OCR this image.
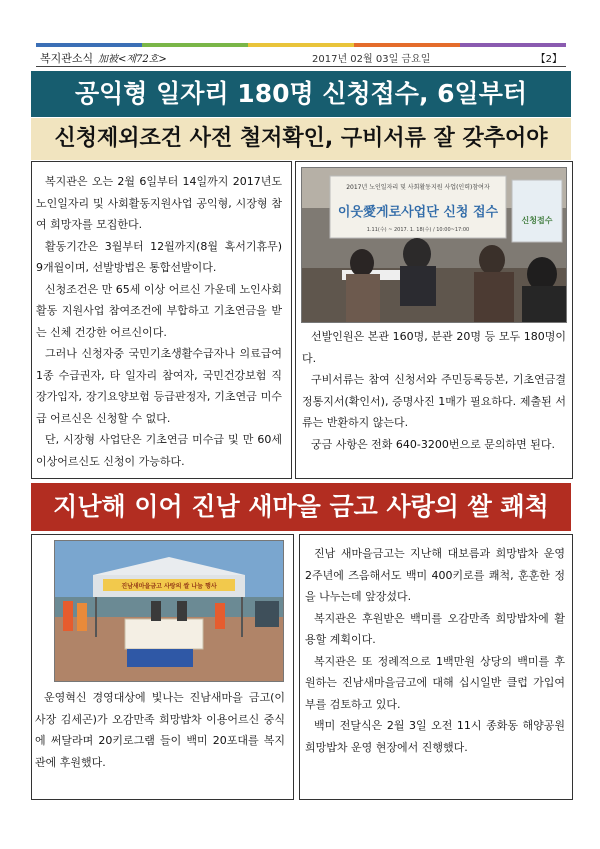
복지관소식 加被<제72호>	2017년 02월 03일 금요일	【2】
공익형 일자리 180명 신청접수, 6일부터
신청제외조건 사전 철저확인, 구비서류 잘 갖추어야

복지관은 오는 2월 6일부터 14일까지 2017년도 노인일자리 및 사회활동지원사업 공익형, 시장형 참여 희망자를 모집한다.

활동기간은 3월부터 12월까지(8월 혹서기휴무) 9개월이며, 선발방법은 통합선발이다.

신청조건은 만 65세 이상 어르신 가운데 노인사회활동 지원사업 참여조건에 부합하고 기초연금을 받는 신체 건강한 어르신이다.

그러나 신청자중 국민기초생활수급자나 의료급여 1종 수급권자, 타 일자리 참여자, 국민건강보험 직장가입자, 장기요양보험 등급판정자, 기초연금 미수급 어르신은 신청할 수 없다.

단, 시장형 사업단은 기초연금 미수급 및 만 60세 이상어르신도 신청이 가능하다.

2017년 노인일자리 및 사회활동지원 사업(인력)참여자
이웃愛게로사업단 신청 접수
1.11(수) ~ 2017. 1. 18(수) / 10:00~17:00
신청접수

선발인원은 본관 160명, 분관 20명 등 모두 180명이다.

구비서류는 참여 신청서와 주민등록등본, 기초연금결정통지서(확인서), 증명사진 1매가 필요하다. 제출된 서류는 반환하지 않는다.

궁금 사항은 전화 640-3200번으로 문의하면 된다.

지난해 이어 진남 새마을 금고 사랑의 쌀 쾌척
진남새마을금고 사랑의 쌀 나눔 행사

운영혁신 경영대상에 빛나는 진남새마을 금고(이사장 김세곤)가 오감만족 희망밥차 이용어르신 중식에 써달라며 20키로그램 들이 백미 20포대를 복지관에 후원했다.

진남 새마을금고는 지난해 대보름과 희망밥차 운영 2주년에 즈음해서도 백미 400키로를 쾌척, 훈훈한 정을 나누는데 앞장섰다.

복지관은 후원받은 백미를 오감만족 희망밥차에 활용할 계획이다.

복지관은 또 정례적으로 1백만원 상당의 백미를 후원하는 진남새마을금고에 대해 십시일반 클럽 가입여부를 검토하고 있다.

백미 전달식은 2월 3일 오전 11시 종화동 해양공원 희망밥차 운영 현장에서 진행했다.
